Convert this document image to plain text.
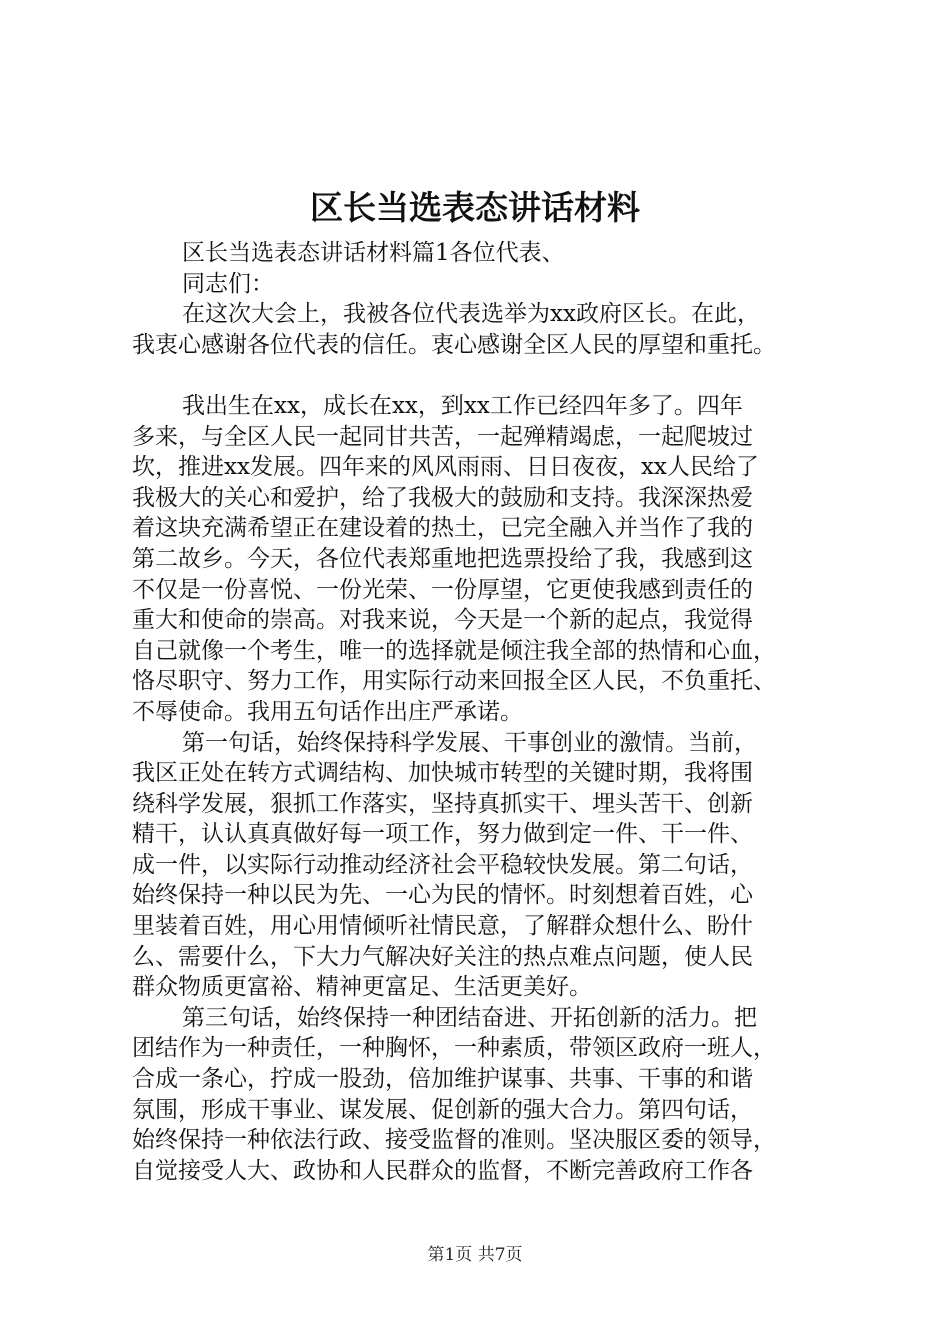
区长当选表态讲话材料
区长当选表态讲话材料篇1各位代表、
同志们：
在这次大会上，我被各位代表选举为xx政府区长。在此，
我衷心感谢各位代表的信任。衷心感谢全区人民的厚望和重托。
我出生在xx，成长在xx，到xx工作已经四年多了。四年
多来，与全区人民一起同甘共苦，一起殚精竭虑，一起爬坡过
坎，推进xx发展。四年来的风风雨雨、日日夜夜，xx人民给了
我极大的关心和爱护，给了我极大的鼓励和支持。我深深热爱
着这块充满希望正在建设着的热土，已完全融入并当作了我的
第二故乡。今天，各位代表郑重地把选票投给了我，我感到这
不仅是一份喜悦、一份光荣、一份厚望，它更使我感到责任的
重大和使命的崇高。对我来说，今天是一个新的起点，我觉得
自己就像一个考生，唯一的选择就是倾注我全部的热情和心血，
恪尽职守、努力工作，用实际行动来回报全区人民，不负重托、
不辱使命。我用五句话作出庄严承诺。
第一句话，始终保持科学发展、干事创业的激情。当前，
我区正处在转方式调结构、加快城市转型的关键时期，我将围
绕科学发展，狠抓工作落实，坚持真抓实干、埋头苦干、创新
精干，认认真真做好每一项工作，努力做到定一件、干一件、
成一件，以实际行动推动经济社会平稳较快发展。第二句话，
始终保持一种以民为先、一心为民的情怀。时刻想着百姓，心
里装着百姓，用心用情倾听社情民意，了解群众想什么、盼什
么、需要什么，下大力气解决好关注的热点难点问题，使人民
群众物质更富裕、精神更富足、生活更美好。
第三句话，始终保持一种团结奋进、开拓创新的活力。把
团结作为一种责任，一种胸怀，一种素质，带领区政府一班人，
合成一条心，拧成一股劲，倍加维护谋事、共事、干事的和谐
氛围，形成干事业、谋发展、促创新的强大合力。第四句话，
始终保持一种依法行政、接受监督的准则。坚决服区委的领导，
自觉接受人大、政协和人民群众的监督，不断完善政府工作各
第1页 共7页
